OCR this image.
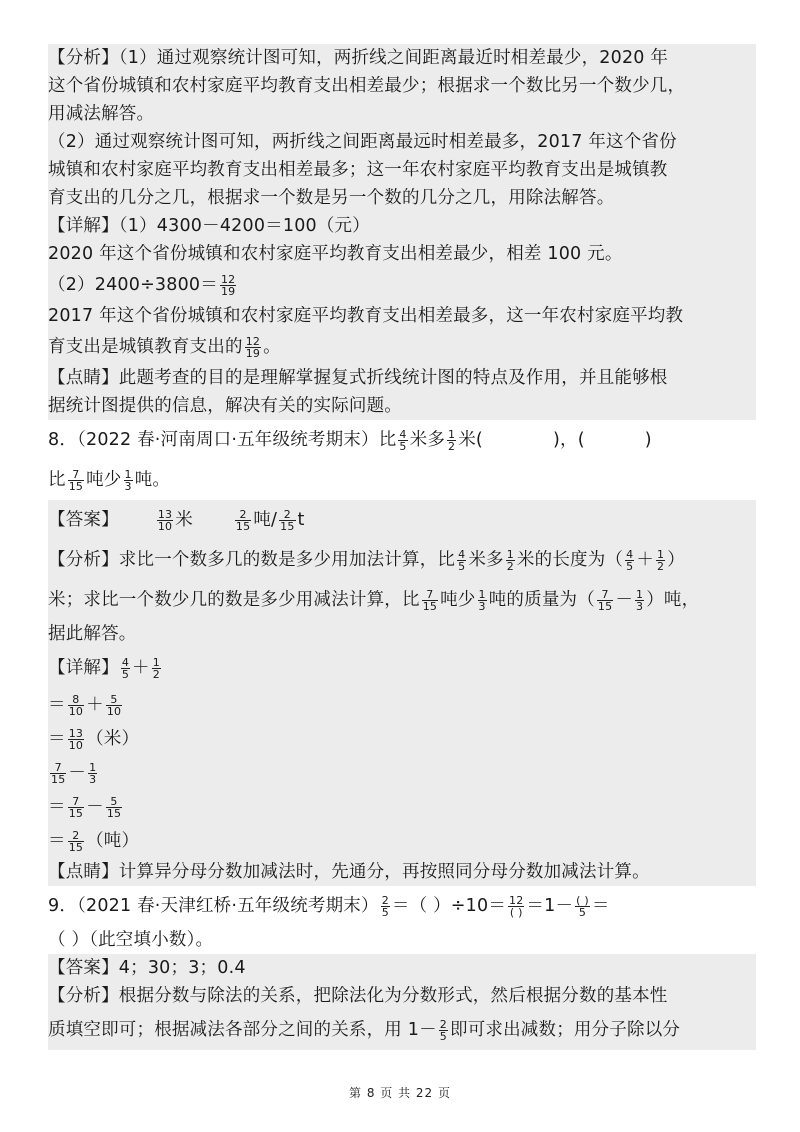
【分析】（1）通过观察统计图可知，两折线之间距离最近时相差最少，2020 年
这个省份城镇和农村家庭平均教育支出相差最少；根据求一个数比另一个数少几，
用减法解答。
（2）通过观察统计图可知，两折线之间距离最远时相差最多，2017 年这个省份
城镇和农村家庭平均教育支出相差最多；这一年农村家庭平均教育支出是城镇教
育支出的几分之几，根据求一个数是另一个数的几分之几，用除法解答。
【详解】（1）4300－4200＝100（元）
2020 年这个省份城镇和农村家庭平均教育支出相差最少，相差 100 元。
$(2)2400\div 3800= \frac{12}{19}$
2017 年这个省份城镇和农村家庭平均教育支出相差最多，这一年农村家庭平均教
育支出是城镇教育支出的 $\frac{12}{19}$ 。
【点睛】此题考查的目的是理解掌握复式折线统计图的特点及作用，并且能够根
据统计图提供的信息，解决有关的实际问题。
8．（2022 春·河南周口·五年级统考期末）比 $\frac{4}{5}$ 米多 $\frac{1}{2}$ 米(	)，(	)
比 $\frac{7}{15}$ 吨少 $\frac{1}{3}$ 吨。
【答案】	$\frac{13}{10}$ 米	$\frac{2}{15}$ 吨/ $\frac{2}{15}$ t
【分析】求比一个数多几的数是多少用加法计算，比 $\frac{4}{5}$ 米多 $\frac{1}{2}$ 米的长度为（ $\frac{4}{5} + \frac{1}{2}$ ）
米；求比一个数少几的数是多少用减法计算，比 $\frac{7}{15}$ 吨少 $\frac{1}{3}$ 吨的质量为（ $\frac{7}{15} - \frac{1}{3}$ ）吨，
据此解答。
【详解】 $\frac{4}{5} + \frac{1}{2}$
＝ $\frac{8}{10} + \frac{5}{10}$
＝ $\frac{13}{10}$ （米）
$\frac{7}{15} - \frac{1}{3}$
＝ $\frac{7}{15} - \frac{5}{15}$
＝ $\frac{2}{15}$ （吨）
【点睛】计算异分母分数加减法时，先通分，再按照同分母分数加减法计算。
9．（2021 春·天津红桥·五年级统考期末） $\frac{2}{5}$ ＝（ ）÷10＝ 12
( ) ＝1－ ( )
5 ＝
（ ）（此空填小数）。
【答案】4；30；3；0.4
【分析】根据分数与除法的关系，把除法化为分数形式，然后根据分数的基本性
质填空即可；根据减法各部分之间的关系，用 $1- \frac{2}{5}$ 即可求出减数；用分子除以分
第 8 页 共 22 页
